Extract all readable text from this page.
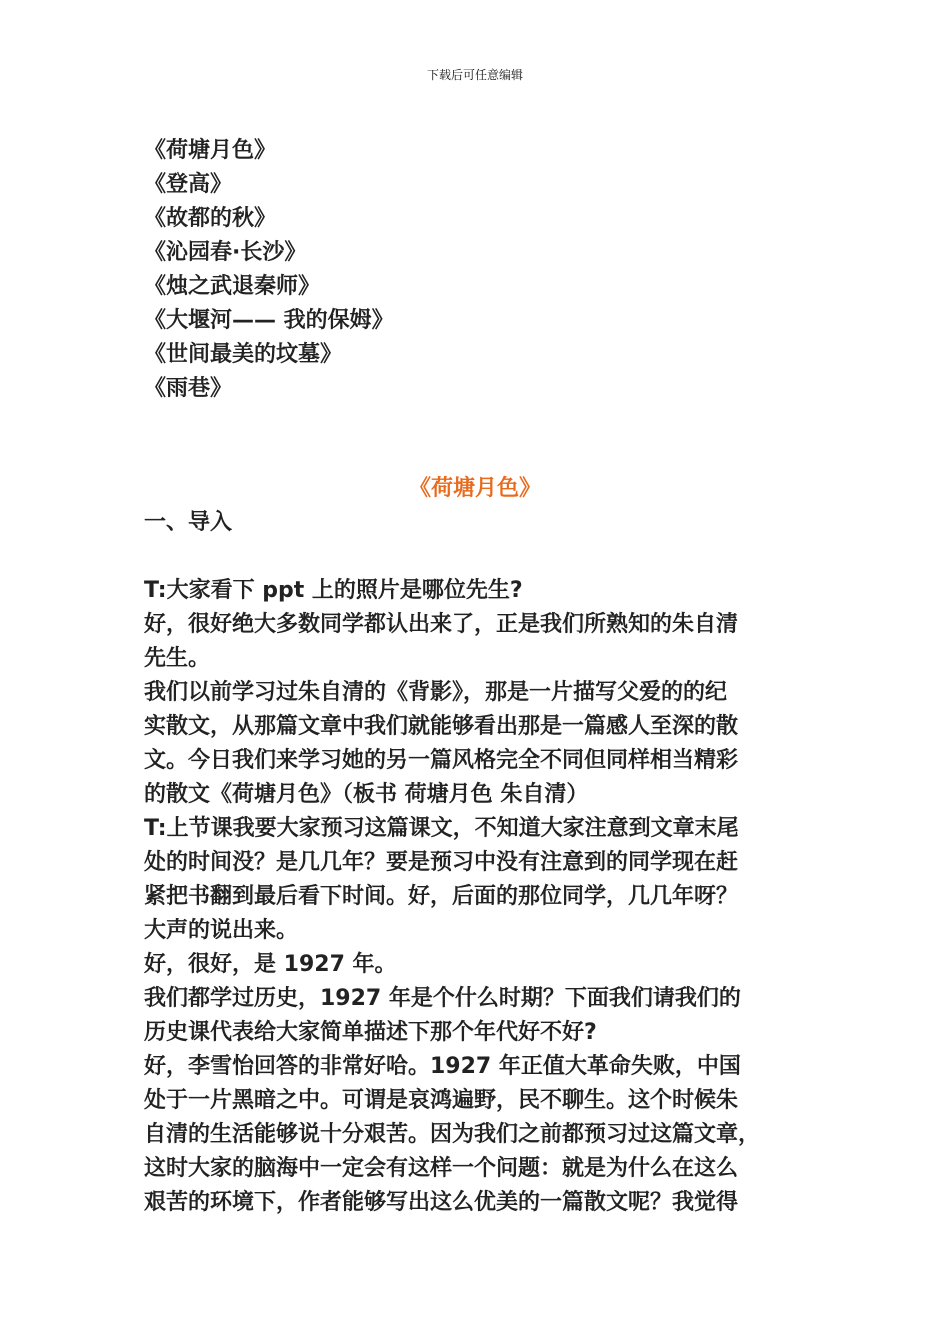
下载后可任意编辑
《荷塘月色》
《登高》
《故都的秋》
《沁园春·长沙》
《烛之武退秦师》
《大堰河—— 我的保姆》
《世间最美的坟墓》
《雨巷》
《荷塘月色》
一、导入
T:大家看下 ppt 上的照片是哪位先生?
好，很好绝大多数同学都认出来了，正是我们所熟知的朱自清
先生。
我们以前学习过朱自清的《背影》，那是一片描写父爱的的纪
实散文，从那篇文章中我们就能够看出那是一篇感人至深的散
文。今日我们来学习她的另一篇风格完全不同但同样相当精彩
的散文《荷塘月色》（板书 荷塘月色 朱自清）
T:上节课我要大家预习这篇课文，不知道大家注意到文章末尾
处的时间没？是几几年？要是预习中没有注意到的同学现在赶
紧把书翻到最后看下时间。好，后面的那位同学，几几年呀？
大声的说出来。
好，很好，是 1927 年。
我们都学过历史，1927 年是个什么时期？下面我们请我们的
历史课代表给大家简单描述下那个年代好不好?
好，李雪怡回答的非常好哈。1927 年正值大革命失败，中国
处于一片黑暗之中。可谓是哀鸿遍野，民不聊生。这个时候朱
自清的生活能够说十分艰苦。因为我们之前都预习过这篇文章，
这时大家的脑海中一定会有这样一个问题：就是为什么在这么
艰苦的环境下，作者能够写出这么优美的一篇散文呢？我觉得
